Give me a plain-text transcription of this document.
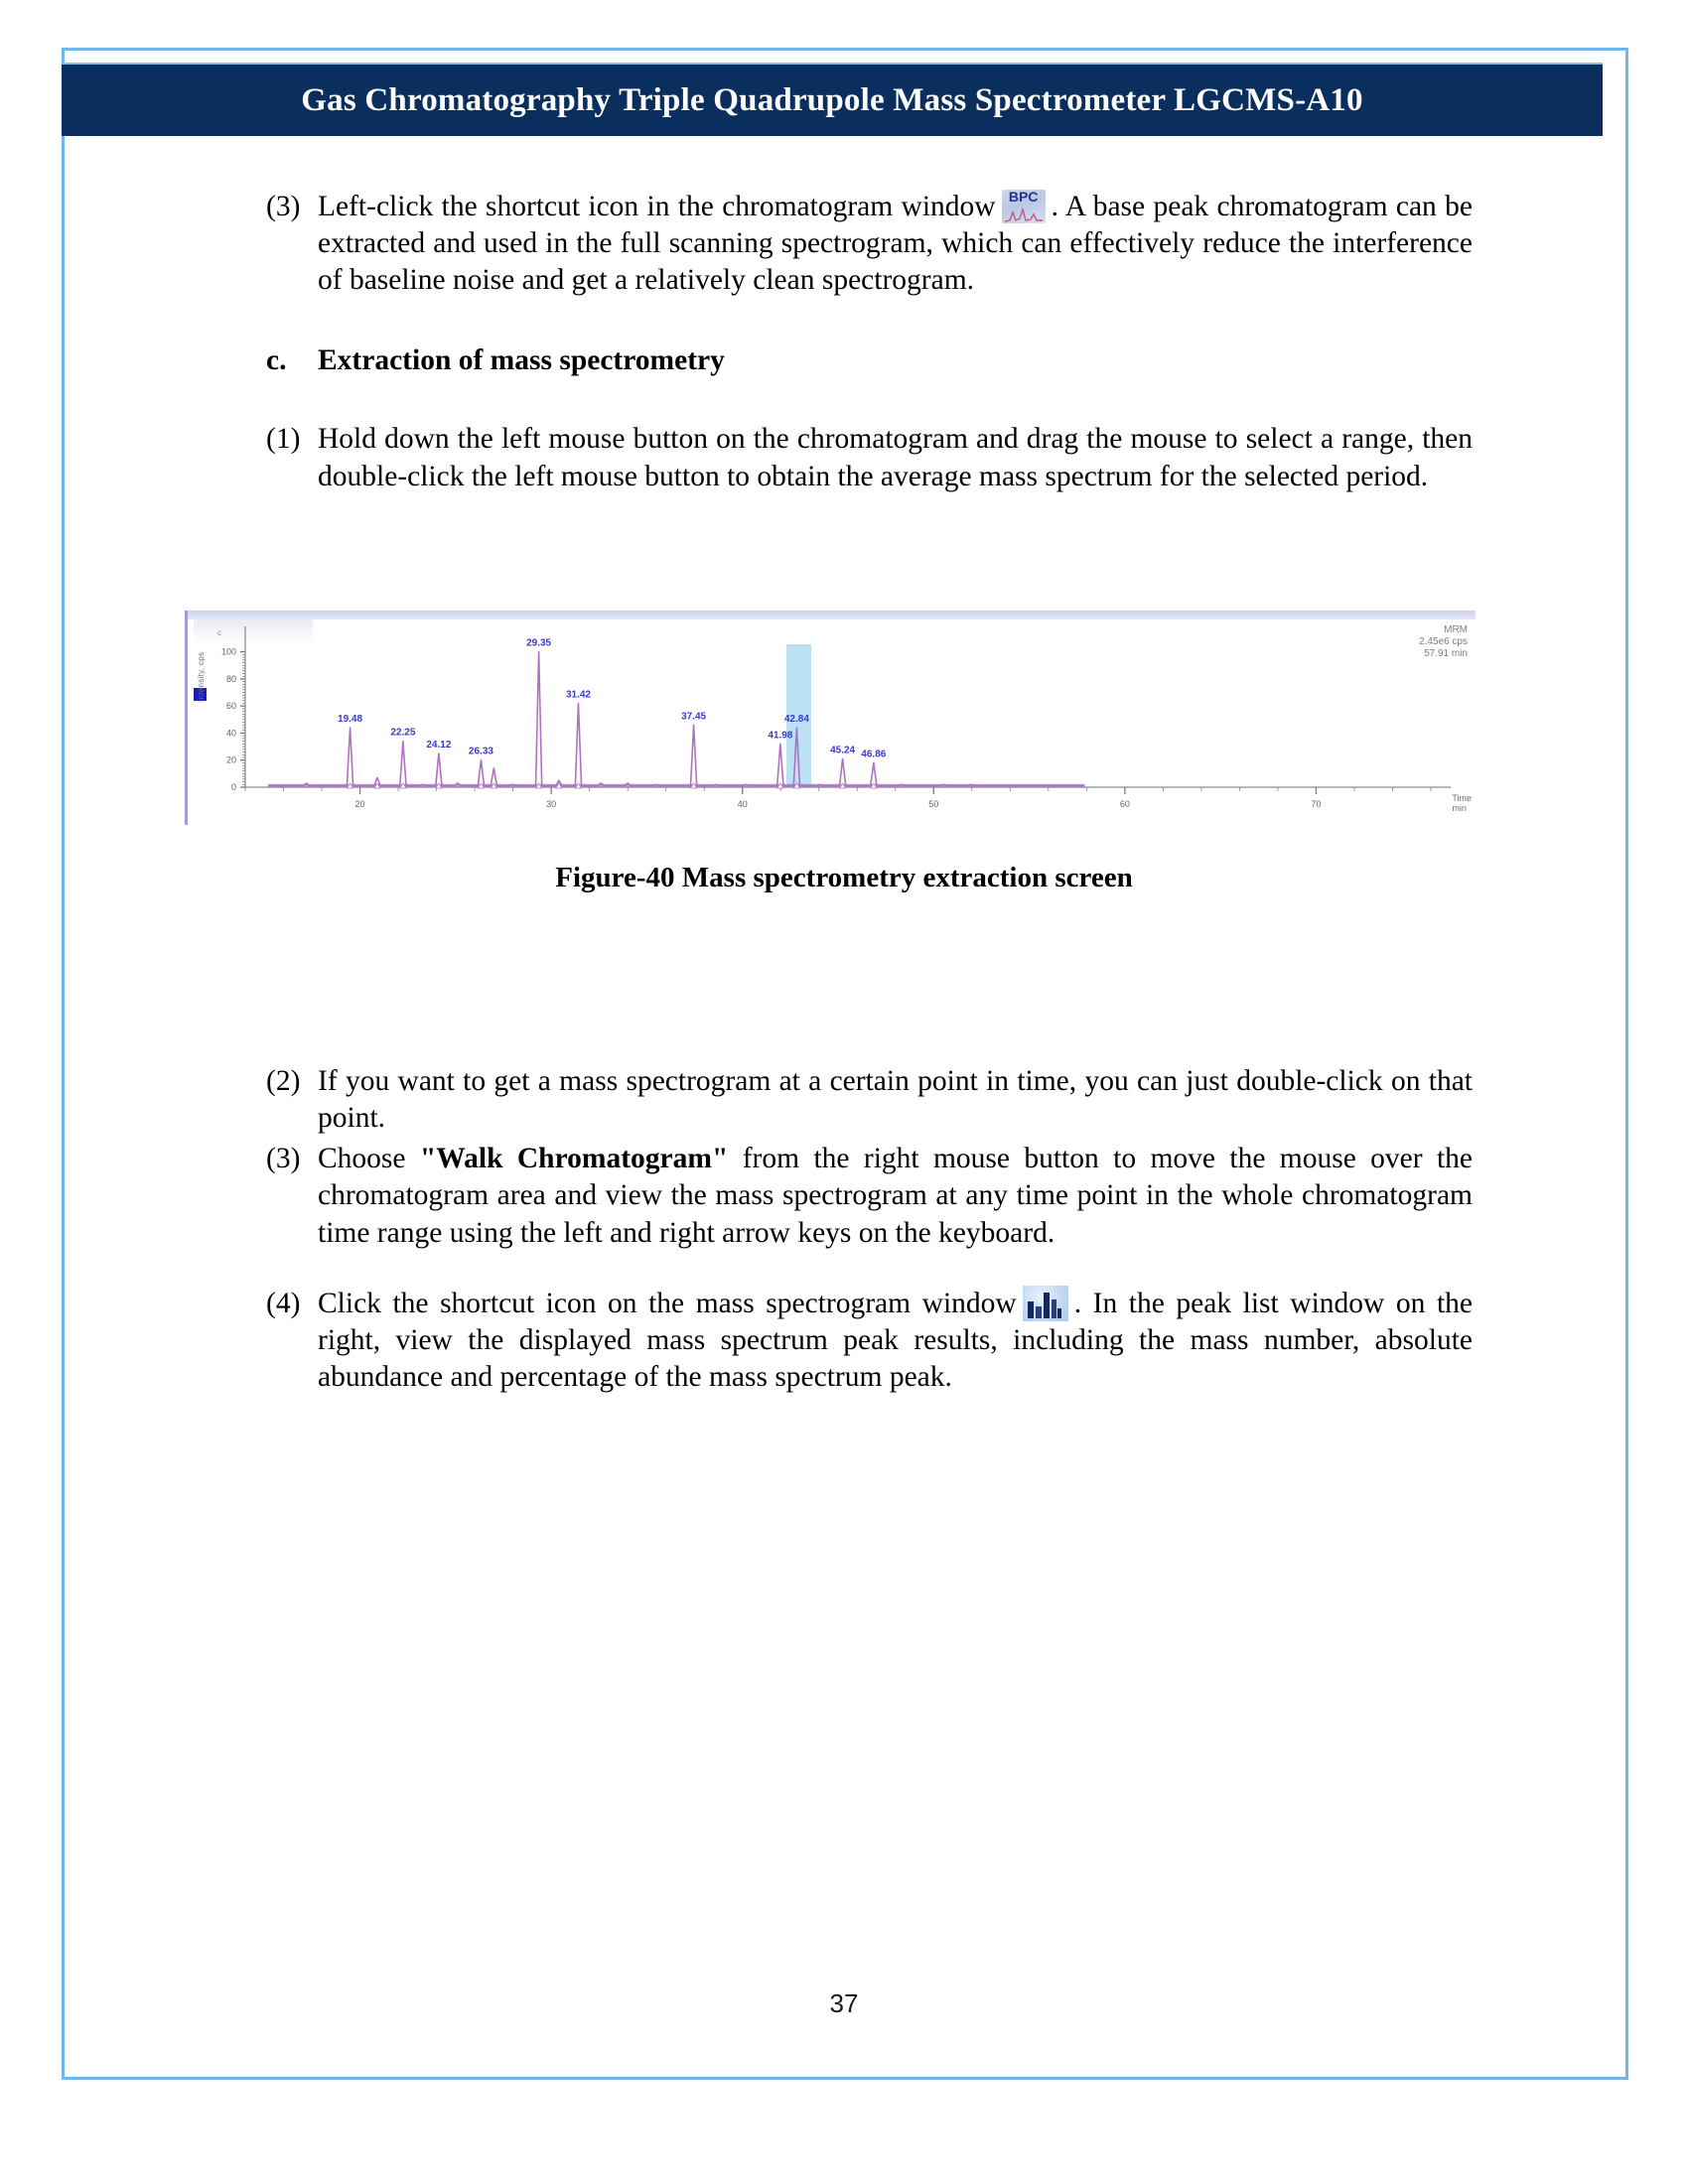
Gas Chromatography Triple Quadrupole Mass Spectrometer LGCMS-A10
(3) Left-click the shortcut icon in the chromatogram window BPC . A base peak chromatogram can be extracted and used in the full scanning spectrogram, which can effectively reduce the interference of baseline noise and get a relatively clean spectrogram.
c.	Extraction of mass spectrometry
(1) Hold down the left mouse button on the chromatogram and drag the mouse to select a range, then double-click the left mouse button to obtain the average mass spectrum for the selected period.
Intensity, cps
c	MRM
2.45e6 cps
57.91 min
Time
min
0
20
40
60
80
100
20	30	40	50	60	70
19.48
22.25
24.12
26.33
29.35
31.42
37.45
41.98
42.84
45.24 46.86
Figure-40 Mass spectrometry extraction screen
(2) If you want to get a mass spectrogram at a certain point in time, you can just double-click on that point.
(3) Choose "Walk Chromatogram" from the right mouse button to move the mouse over the chromatogram area and view the mass spectrogram at any time point in the whole chromatogram time range using the left and right arrow keys on the keyboard.
(4) Click the shortcut icon on the mass spectrogram window . In the peak list window on the right, view the displayed mass spectrum peak results, including the mass number, absolute abundance and percentage of the mass spectrum peak.
37
